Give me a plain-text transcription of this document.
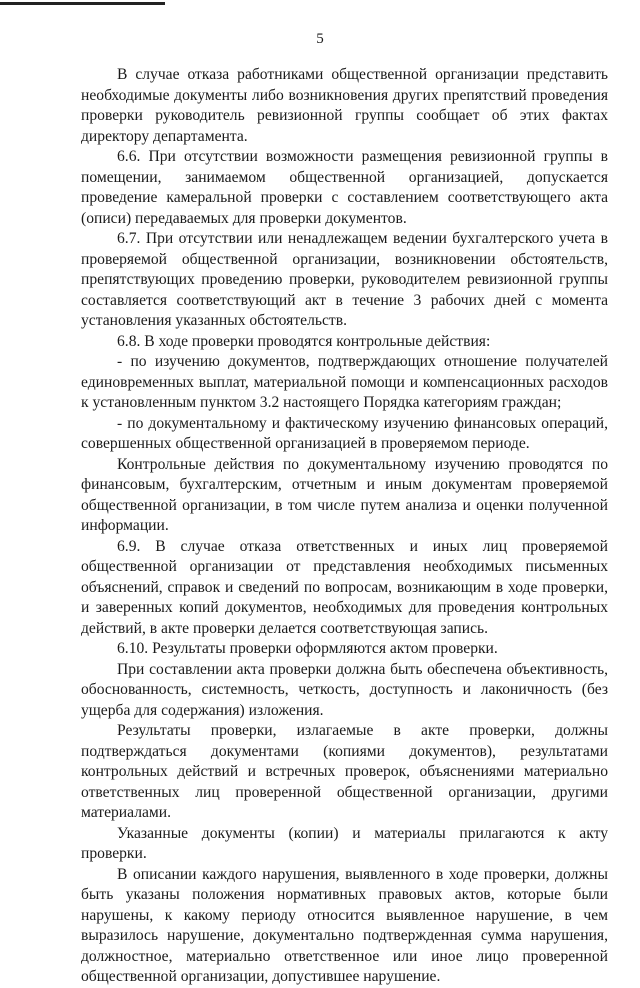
5

В случае отказа работниками общественной организации представить необходимые документы либо возникновения других препятствий проведения проверки руководитель ревизионной группы сообщает об этих фактах директору департамента.

6.6. При отсутствии возможности размещения ревизионной группы в помещении, занимаемом общественной организацией, допускается проведение камеральной проверки с составлением соответствующего акта (описи) передаваемых для проверки документов.

6.7. При отсутствии или ненадлежащем ведении бухгалтерского учета в проверяемой общественной организации, возникновении обстоятельств, препятствующих проведению проверки, руководителем ревизионной группы составляется соответствующий акт в течение 3 рабочих дней с момента установления указанных обстоятельств.

6.8. В ходе проверки проводятся контрольные действия:

- по изучению документов, подтверждающих отношение получателей единовременных выплат, материальной помощи и компенсационных расходов к установленным пунктом 3.2 настоящего Порядка категориям граждан;

- по документальному и фактическому изучению финансовых операций, совершенных общественной организацией в проверяемом периоде.

Контрольные действия по документальному изучению проводятся по финансовым, бухгалтерским, отчетным и иным документам проверяемой общественной организации, в том числе путем анализа и оценки полученной информации.

6.9. В случае отказа ответственных и иных лиц проверяемой общественной организации от представления необходимых письменных объяснений, справок и сведений по вопросам, возникающим в ходе проверки, и заверенных копий документов, необходимых для проведения контрольных действий, в акте проверки делается соответствующая запись.

6.10. Результаты проверки оформляются актом проверки.

При составлении акта проверки должна быть обеспечена объективность, обоснованность, системность, четкость, доступность и лаконичность (без ущерба для содержания) изложения.

Результаты проверки, излагаемые в акте проверки, должны подтверждаться документами (копиями документов), результатами контрольных действий и встречных проверок, объяснениями материально ответственных лиц проверенной общественной организации, другими материалами.

Указанные документы (копии) и материалы прилагаются к акту проверки.

В описании каждого нарушения, выявленного в ходе проверки, должны быть указаны положения нормативных правовых актов, которые были нарушены, к какому периоду относится выявленное нарушение, в чем выразилось нарушение, документально подтвержденная сумма нарушения, должностное, материально ответственное или иное лицо проверенной общественной организации, допустившее нарушение.
